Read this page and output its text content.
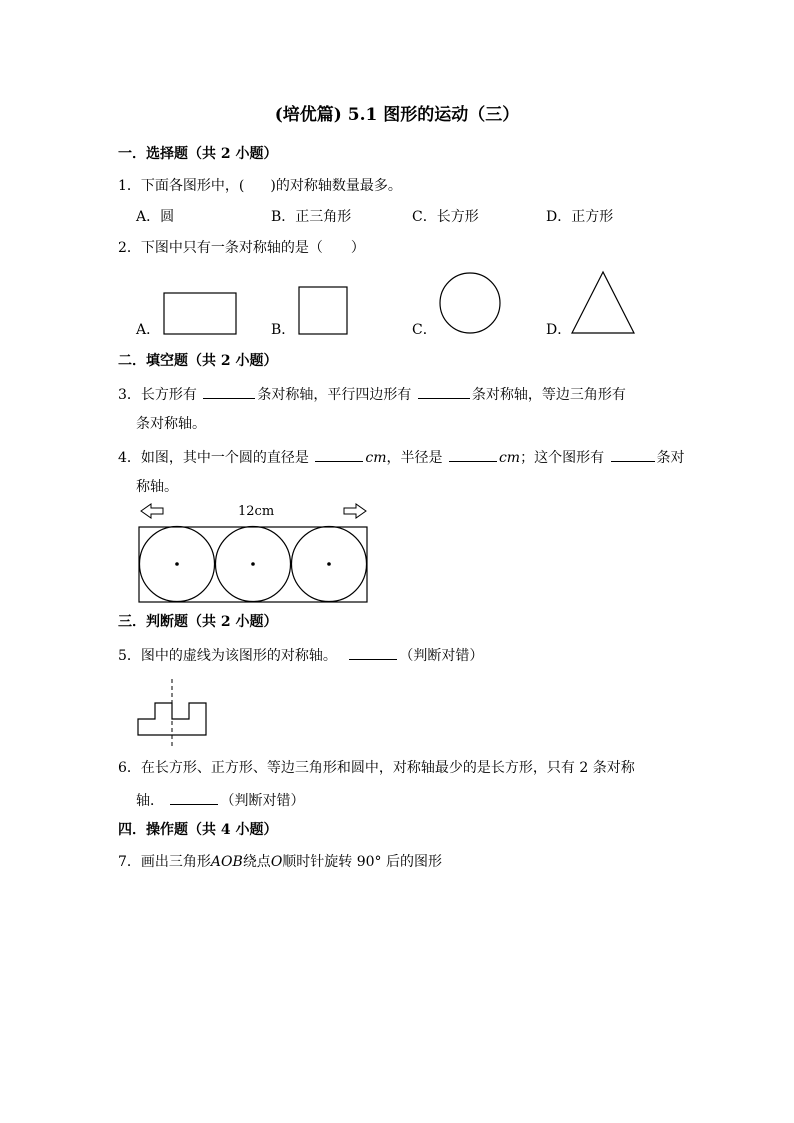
(培优篇) 5.1 图形的运动（三）
一．选择题（共 2 小题）
1．下面各图形中，( )的对称轴数量最多。
A．圆	B．正三角形	C．长方形	D．正方形
2．下图中只有一条对称轴的是（　　）
A．	B．	C．	D．
二．填空题（共 2 小题）
3．长方形有	条对称轴，平行四边形有	条对称轴，等边三角形有
条对称轴。
4．如图，其中一个圆的直径是	cm，半径是	cm；这个图形有	条对
称轴。
12cm
三．判断题（共 2 小题）
5．图中的虚线为该图形的对称轴。	（判断对错）
6．在长方形、正方形、等边三角形和圆中，对称轴最少的是长方形，只有 2 条对称
轴．	（判断对错）
四．操作题（共 4 小题）
7．画出三角形AOB绕点O顺时针旋转 90° 后的图形
